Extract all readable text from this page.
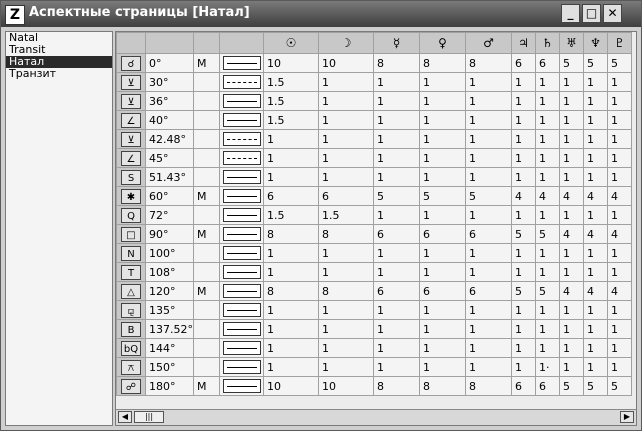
Z Аспектные страницы [Натал]	_	□ ✕
Natal
Transit
Натал
Транзит
				☉	☽	☿	♀	♂	♃	♄	♅	♆	♇
☌	0°	M		10	10	8	8	8	6	6	5	5	5
⊻	30°			1.5	1	1	1	1	1	1	1	1	1
⊻	36°			1.5	1	1	1	1	1	1	1	1	1
∠	40°			1.5	1	1	1	1	1	1	1	1	1
⊻	42.48°			1	1	1	1	1	1	1	1	1	1
∠	45°			1	1	1	1	1	1	1	1	1	1
S	51.43°			1	1	1	1	1	1	1	1	1	1
✱	60°	M		6	6	5	5	5	4	4	4	4	4
Q	72°			1.5	1.5	1	1	1	1	1	1	1	1
□	90°	M		8	8	6	6	6	5	5	4	4	4
N	100°			1	1	1	1	1	1	1	1	1	1
T	108°			1	1	1	1	1	1	1	1	1	1
△	120°	M		8	8	6	6	6	5	5	4	4	4
⚼	135°			1	1	1	1	1	1	1	1	1	1
B	137.52°			1	1	1	1	1	1	1	1	1	1
bQ	144°			1	1	1	1	1	1	1	1	1	1
⚻	150°			1	1	1	1	1	1	1·	1	1	1
☍	180°	M		10	10	8	8	8	6	6	5	5	5
◀	|||	▶
